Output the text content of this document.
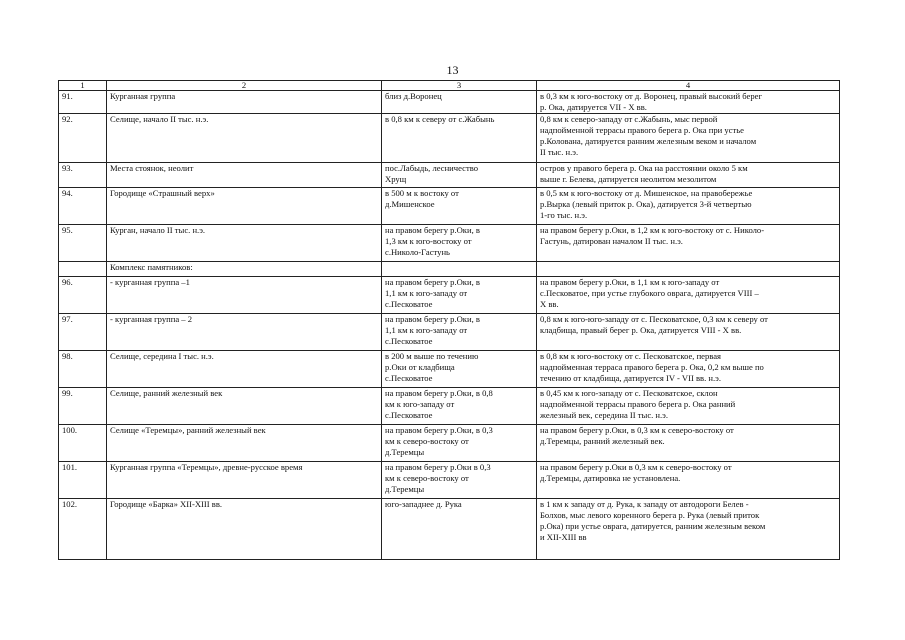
13
1	2	3	4
91.	Курганная группа	близ д.Воронец	в 0,3 км к юго-востоку от д. Воронец, правый высокий берег
р. Ока, датируется VII - X вв.
92.	Селище, начало II тыс. н.э.	в 0,8 км к северу от с.Жабынь	0,8 км к северо-западу от с.Жабынь, мыс первой
надпойменной террасы правого берега р. Ока при устье
р.Колована, датируется ранним железным веком и началом
II тыс. н.э.
93.	Места стоянок, неолит	пос.Лабыдь, лесничество
Хрущ	остров у правого берега р. Ока на расстоянии около 5 км
выше г. Белева, датируется неолитом мезолитом
94.	Городище «Страшный верх»	в 500 м к востоку от
д.Мишенское	в 0,5 км к юго-востоку от д. Мишенское, на правобережье
р.Вырка (левый приток р. Ока), датируется 3-й четвертью
1-го тыс. н.э.
95.	Курган, начало II тыс. н.э.	на правом берегу р.Оки, в
1,3 км к юго-востоку от
с.Николо-Гастунь	на правом берегу р.Оки, в 1,2 км к юго-востоку от с. Николо-
Гастунь, датирован началом II тыс. н.э.
	Комплекс памятников:		
96.	- курганная группа –1	на правом берегу р.Оки, в
1,1 км к юго-западу от
с.Песковатое	на правом берегу р.Оки, в 1,1 км к юго-западу от
с.Песковатое, при устье глубокого оврага, датируется VIII –
X вв.
97.	- курганная группа – 2	на правом берегу р.Оки, в
1,1 км к юго-западу от
с.Песковатое	0,8 км к юго-юго-западу от с. Песковатское, 0,3 км к северу от
кладбища, правый берег р. Ока, датируется VIII - X вв.
98.	Селище, середина I тыс. н.э.	в 200 м выше по течению
р.Оки от кладбища
с.Песковатое	в 0,8 км к юго-востоку от с. Песковатское, первая
надпойменная терраса правого берега р. Ока, 0,2 км выше по
течению от кладбища, датируется IV - VII вв. н.э.
99.	Селище, ранний железный век	на правом берегу р.Оки, в 0,8
км к юго-западу от
с.Песковатое	в 0,45 км к юго-западу от с. Песковатское, склон
надпойменной террасы правого берега р. Ока ранний
железный век, середина II тыс. н.э.
100.	Селище «Теремцы», ранний железный век	на правом берегу р.Оки, в 0,3
км к северо-востоку от
д.Теремцы	на правом берегу р.Оки, в 0,3 км к северо-востоку от
д.Теремцы, ранний железный век.
101.	Курганная группа «Теремцы», древне-русское время	на правом берегу р.Оки в 0,3
км к северо-востоку от
д.Теремцы	на правом берегу р.Оки в 0,3 км к северо-востоку от
д.Теремцы, датировка не установлена.
102.	Городище «Барка» XII-XIII вв.	юго-западнее д. Рука	в 1 км к западу от д. Рука, к западу от автодороги Белев -
Болхов, мыс левого коренного берега р. Рука (левый приток
р.Ока) при устье оврага, датируется, ранним железным веком
и XII-XIII вв
